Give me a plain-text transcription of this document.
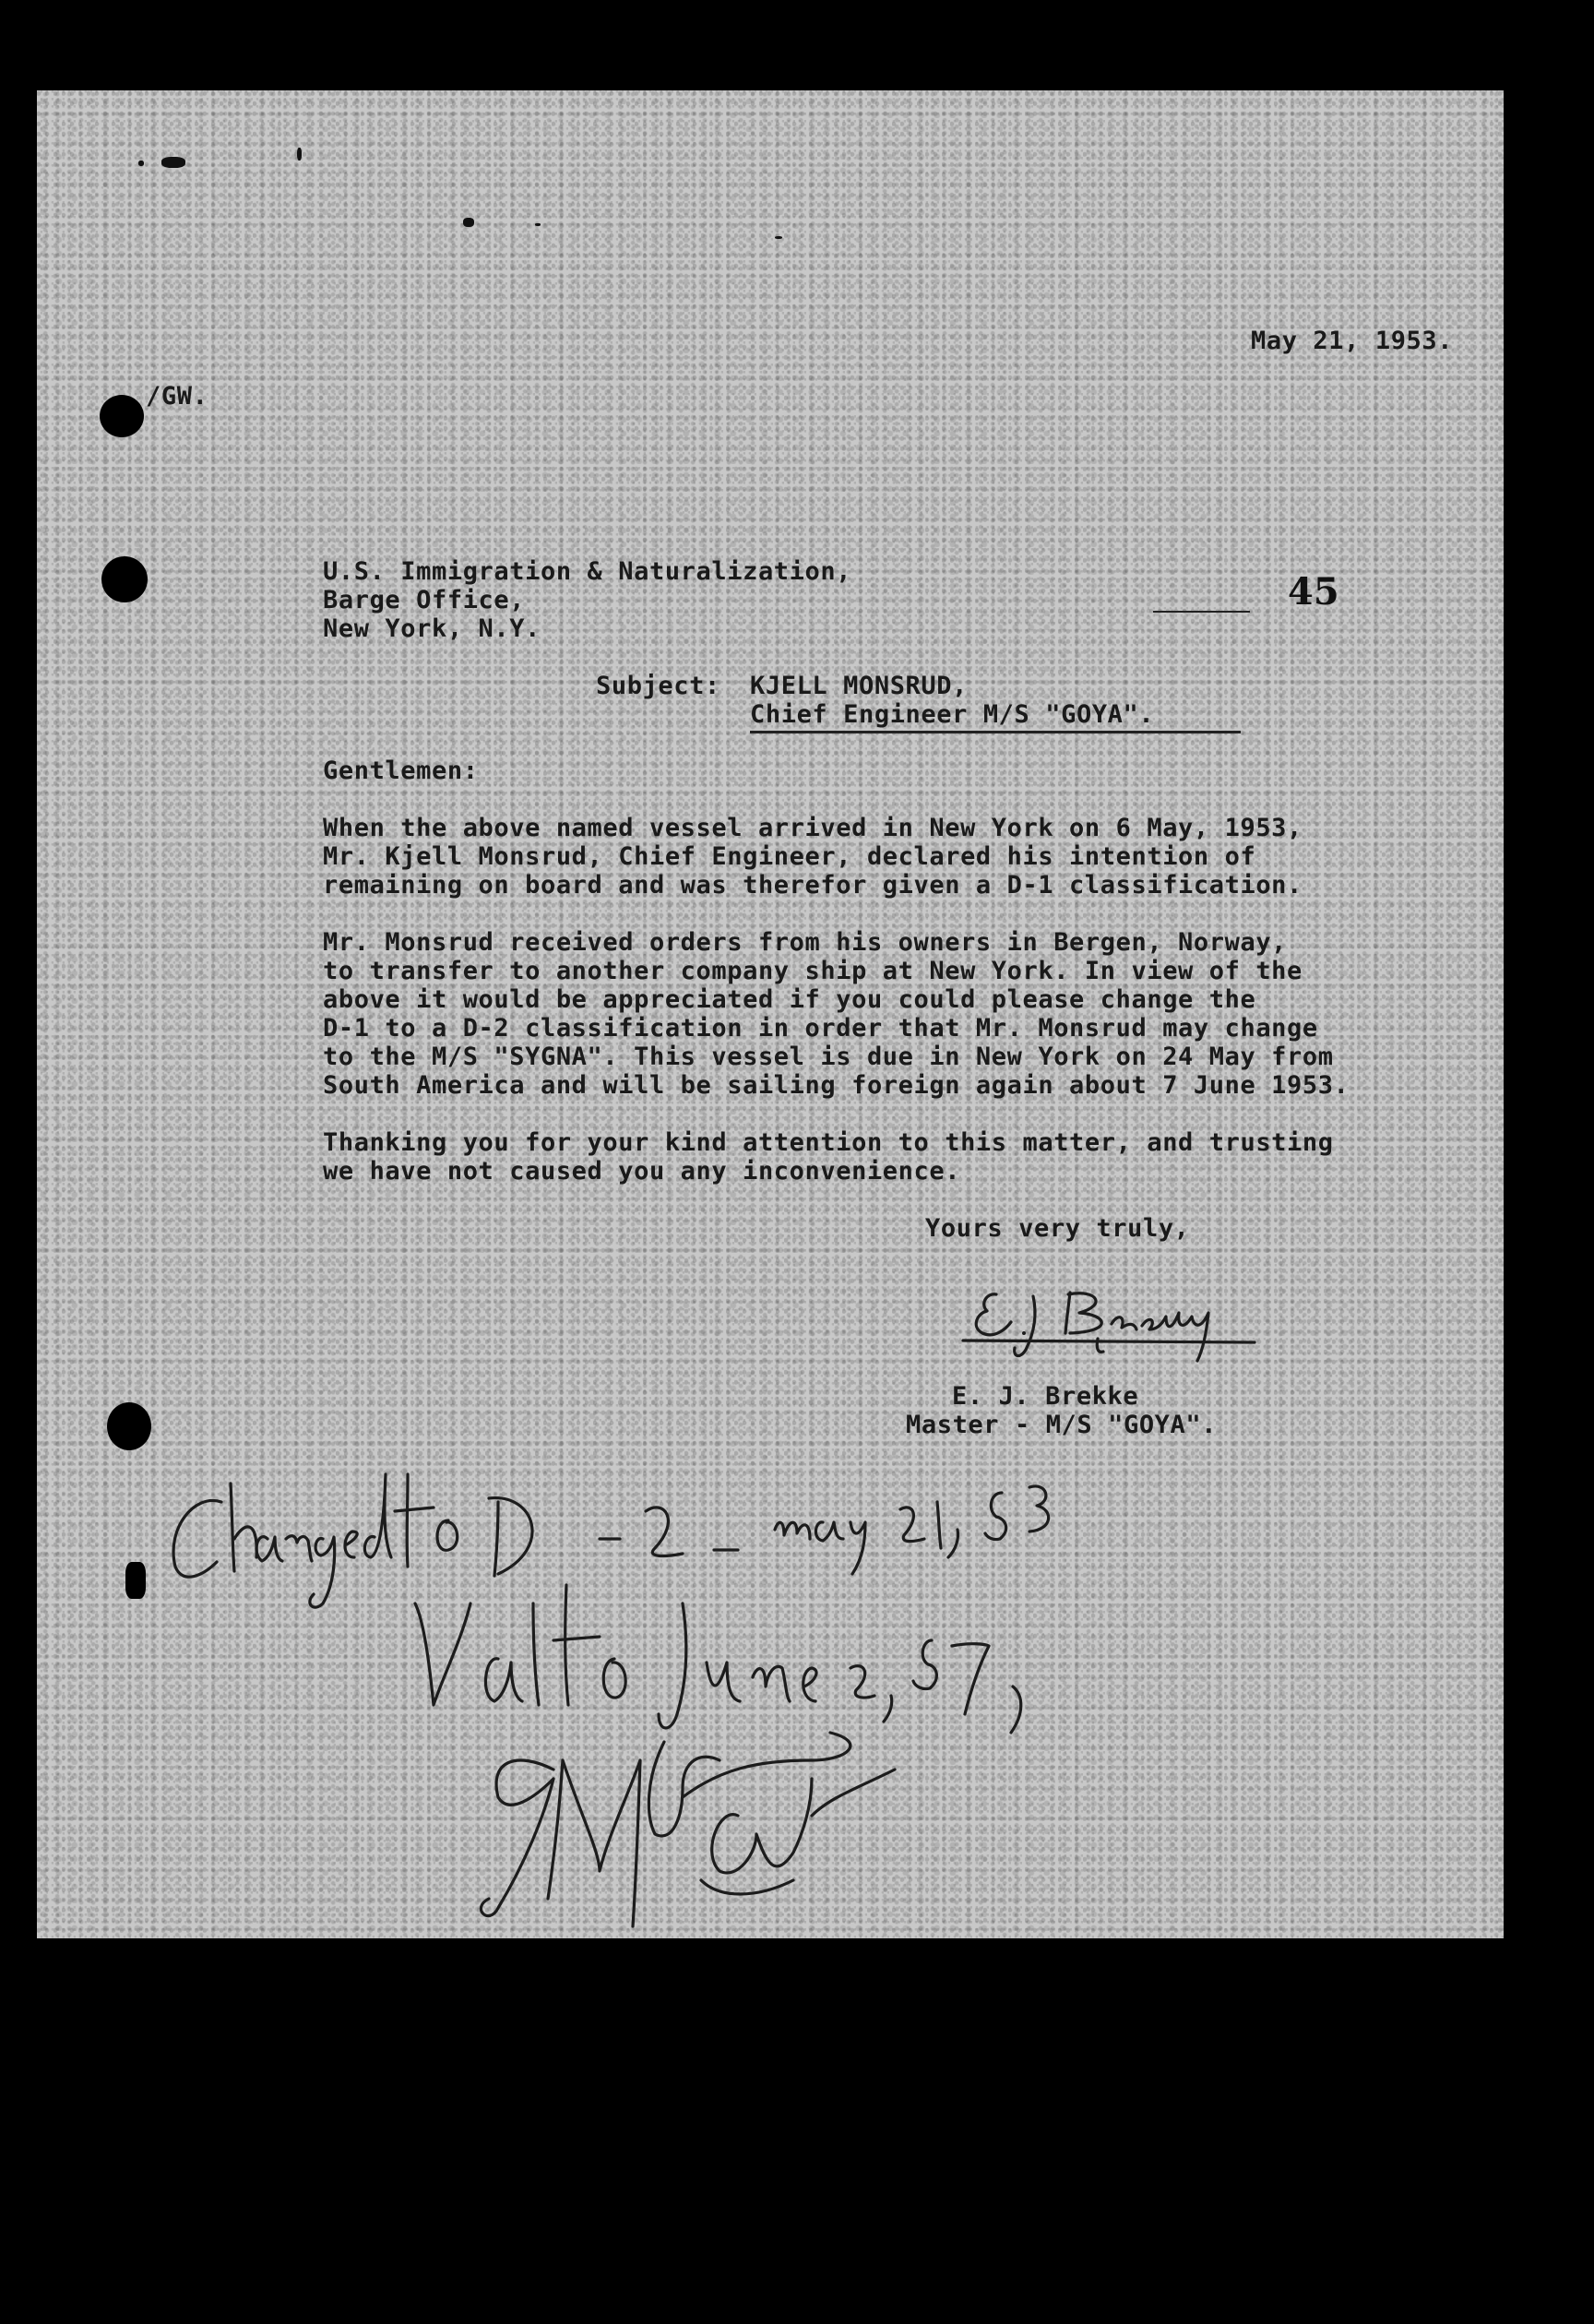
May 21, 1953.
/GW.
U.S. Immigration & Naturalization,
Barge Office,
New York, N.Y.
45
Subject: KJELL MONSRUD,
Chief Engineer M/S "GOYA".
Gentlemen:
When the above named vessel arrived in New York on 6 May, 1953,
Mr. Kjell Monsrud, Chief Engineer, declared his intention of
remaining on board and was therefor given a D-1 classification.
Mr. Monsrud received orders from his owners in Bergen, Norway,
to transfer to another company ship at New York. In view of the
above it would be appreciated if you could please change the
D-1 to a D-2 classification in order that Mr. Monsrud may change
to the M/S "SYGNA". This vessel is due in New York on 24 May from
South America and will be sailing foreign again about 7 June 1953.
Thanking you for your kind attention to this matter, and trusting
we have not caused you any inconvenience.
Yours very truly,
E. J. Brekke
Master - M/S "GOYA".
